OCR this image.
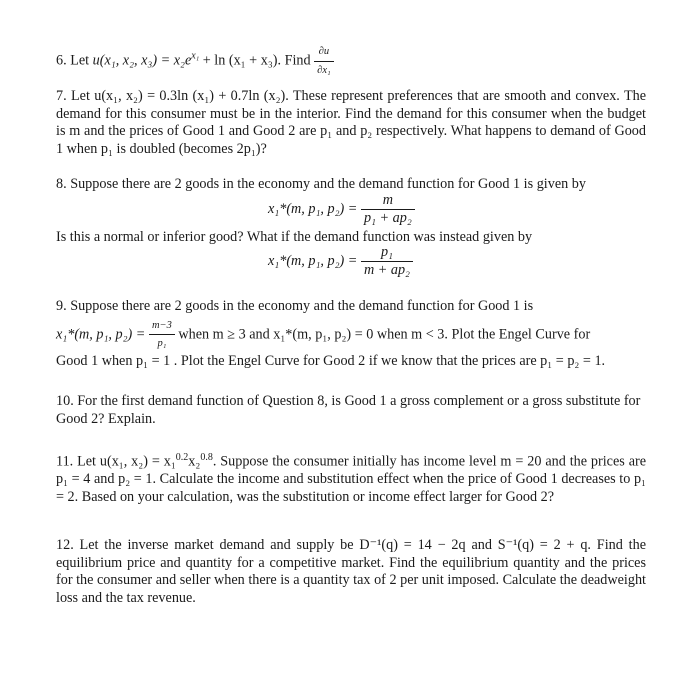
6. Let u(x₁, x₂, $x_3) = x_2e^{x_1} + \ln (x_1 + x_3)$. Find $\frac{\partial u}{\text{∂x₁}}$

7. Let u(x₁, x₂) = 0.3ln (x₁) + 0.7ln (x₂). These represent preferences that are smooth and convex. The demand for this consumer must be in the interior. Find the demand for this consumer when the budget is m and the prices of Good 1 and Good 2 are p₁ and p₂ respectively. What happens to demand of Good 1 when p₁ is doubled (becomes 2p₁)?

8. Suppose there are 2 goods in the economy and the demand function for Good 1 is given by

x₁*(m, p₁, $p_2) = \frac{m}{\text{p₁ + ap₂}}$

Is this a normal or inferior good? What if the demand function was instead given by

x₁*(m, p₁, $p_2) = \frac{\text{p₁}}{\text{m + ap₂}}$

9. Suppose there are 2 goods in the economy and the demand function for Good 1 is

x₁*(m, p₁, $p_2) = \frac{m-3}{\text{p₁}}$ when m ≥ 3 and x₁*(m, p₁, p₂) = 0 when m < 3. Plot the Engel Curve for

Good 1 when p₁ = 1 . Plot the Engel Curve for Good 2 if we know that the prices are p₁ = p₂ = 1.

10. For the first demand function of Question 8, is Good 1 a gross complement or a gross substitute for Good 2? Explain.

11. Let u(x₁, x₂) = x₁$^{0.2}$x₂$^{0.8}$. Suppose the consumer initially has income level m = 20 and the prices are p₁ = 4 and p₂ = 1. Calculate the income and substitution effect when the price of Good 1 decreases to p₁ = 2. Based on your calculation, was the substitution or income effect larger for Good 2?

12. Let the inverse market demand and supply be D⁻¹(q) = 14 − 2q and S⁻¹(q) = 2 + q. Find the equilibrium price and quantity for a competitive market. Find the equilibrium quantity and the prices for the consumer and seller when there is a quantity tax of 2 per unit imposed. Calculate the deadweight loss and the tax revenue.
